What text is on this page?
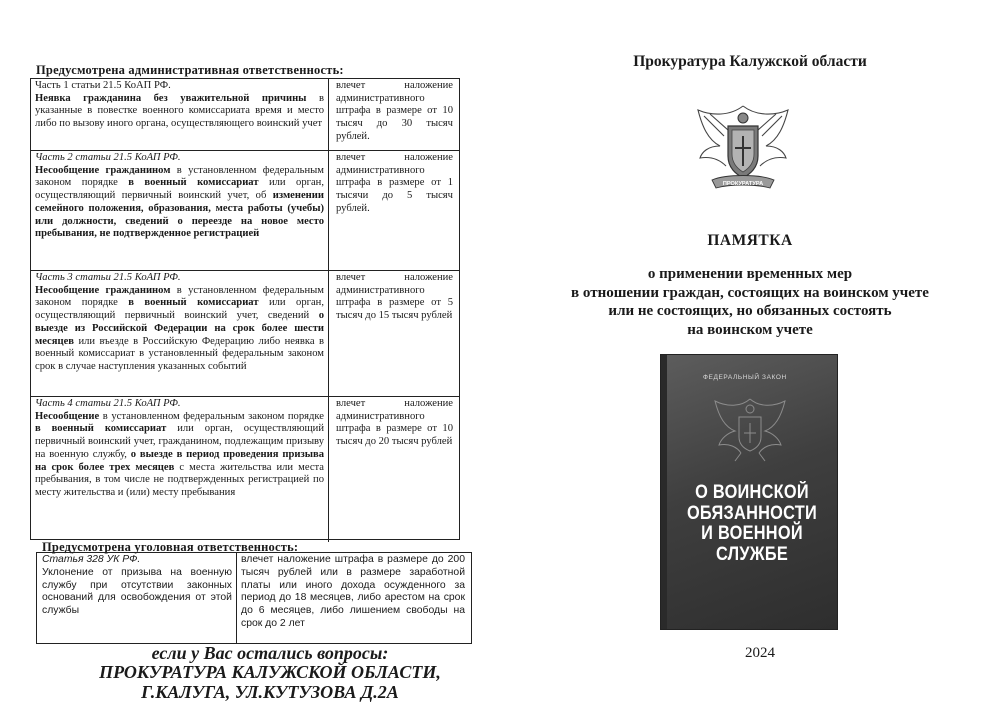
Предусмотрена административная ответственность:
Часть 1 статьи 21.5 КоАП РФ.
Неявка гражданина без уважительной причины в указанные в повестке военного комиссариата время и место либо по вызову иного органа, осуществляющего воинский учет
влечет наложение административного штрафа в размере от 10 тысяч до 30 тысяч рублей.
Часть 2 статьи 21.5 КоАП РФ.
Несообщение гражданином в установленном федеральным законом порядке в военный комиссариат или орган, осуществляющий первичный воинский учет, об изменении семейного положения, образования, места работы (учебы) или должности, сведений о переезде на новое место пребывания, не подтвержденное регистрацией
влечет наложение административного штрафа в размере от 1 тысячи до 5 тысяч рублей.
Часть 3 статьи 21.5 КоАП РФ.
Несообщение гражданином в установленном федеральным законом порядке в военный комиссариат или орган, осуществляющий первичный воинский учет, сведений о выезде из Российской Федерации на срок более шести месяцев или въезде в Российскую Федерацию либо неявка в военный комиссариат в установленный федеральным законом срок в случае наступления указанных событий
влечет наложение административного штрафа в размере от 5 тысяч до 15 тысяч рублей
Часть 4 статьи 21.5 КоАП РФ.
Несообщение в установленном федеральным законом порядке в военный комиссариат или орган, осуществляющий первичный воинский учет, гражданином, подлежащим призыву на военную службу, о выезде в период проведения призыва на срок более трех месяцев с места жительства или места пребывания, в том числе не подтвержденных регистрацией по месту жительства и (или) месту пребывания
влечет наложение административного штрафа в размере от 10 тысяч до 20 тысяч рублей
Предусмотрена уголовная ответственность:
Статья 328 УК РФ.
Уклонение от призыва на военную службу при отсутствии законных оснований для освобождения от этой службы
влечет наложение штрафа в размере до 200 тысяч рублей или в размере заработной платы или иного дохода осужденного за период до 18 месяцев, либо арестом на срок до 6 месяцев, либо лишением свободы на срок до 2 лет
если у Вас остались вопросы:
ПРОКУРАТУРА КАЛУЖСКОЙ ОБЛАСТИ,
Г.КАЛУГА, УЛ.КУТУЗОВА Д.2А
Прокуратура Калужской области
ПРОКУРАТУРА
ПАМЯТКА
о применении временных мер
в отношении граждан, состоящих на воинском учете
или не состоящих, но обязанных состоять
на воинском учете
ФЕДЕРАЛЬНЫЙ ЗАКОН
О ВОИНСКОЙ
ОБЯЗАННОСТИ
И ВОЕННОЙ
СЛУЖБЕ
2024
